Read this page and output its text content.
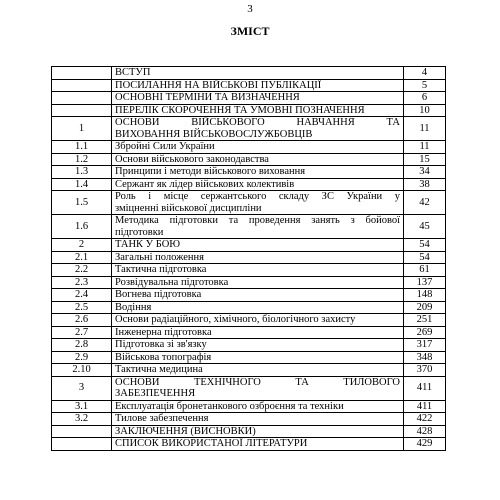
3
ЗМІСТ
	ВСТУП	4
	ПОСИЛАННЯ НА ВІЙСЬКОВІ ПУБЛІКАЦІЇ	5
	ОСНОВНІ ТЕРМІНИ ТА ВИЗНАЧЕННЯ	6
	ПЕРЕЛІК СКОРОЧЕННЯ ТА УМОВНІ ПОЗНАЧЕННЯ	10
1	ОСНОВИ ВІЙСЬКОВОГО НАВЧАННЯ ТА
ВИХОВАННЯ ВІЙСЬКОВОСЛУЖБОВЦІВ	11
1.1	Збройні Сили України	11
1.2	Основи військового законодавства	15
1.3	Принципи і методи військового виховання	34
1.4	Сержант як лідер військових колективів	38
1.5	Роль і місце сержантського складу ЗС України у
зміцненні військової дисципліни	42
1.6	Методика підготовки та проведення занять з бойової
підготовки	45
2	ТАНК У БОЮ	54
2.1	Загальні положення	54
2.2	Тактична підготовка	61
2.3	Розвідувальна підготовка	137
2.4	Вогнева підготовка	148
2.5	Водіння	209
2.6	Основи радіаційного, хімічного, біологічного захисту	251
2.7	Інженерна підготовка	269
2.8	Підготовка зі зв'язку	317
2.9	Військова топографія	348
2.10	Тактична медицина	370
3	ОСНОВИ ТЕХНІЧНОГО ТА ТИЛОВОГО
ЗАБЕЗПЕЧЕННЯ	411
3.1	Експлуатація бронетанкового озброєння та техніки	411
3.2	Тилове забезпечення	422
	ЗАКЛЮЧЕННЯ (ВИСНОВКИ)	428
	СПИСОК ВИКОРИСТАНОЇ ЛІТЕРАТУРИ	429
